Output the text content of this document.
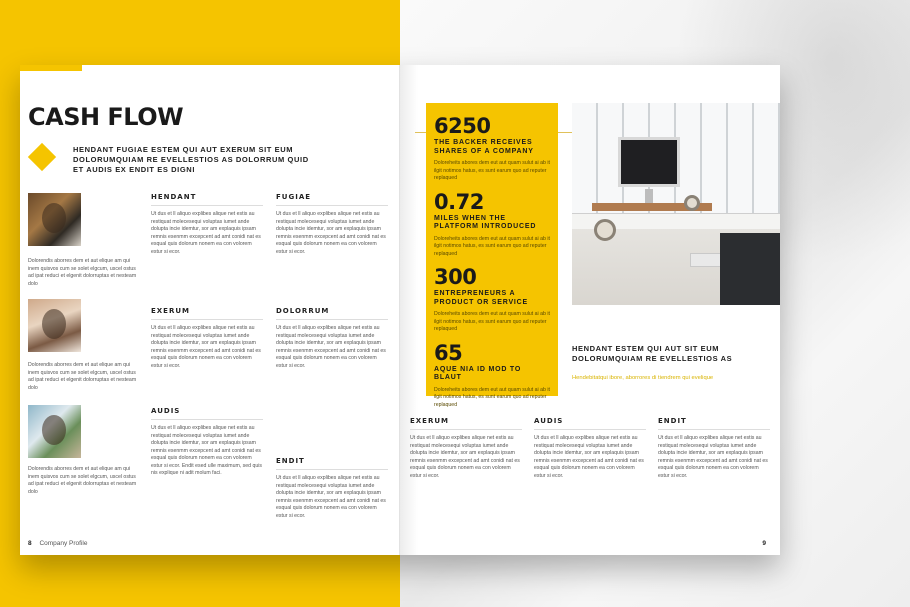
CASH FLOW
HENDANT FUGIAE ESTEM QUI AUT EXERUM SIT EUM DOLORUMQUIAM RE EVELLESTIOS AS DOLORRUM QUID ET AUDIS EX ENDIT ES DIGNI
Dolorendis aborres dem et aut elique am qui inem quisvos cum se solet elgcum, uscel ostus ad ipat reduci et elgenit dolorruptas et nesteam dolo
Dolorendis aborres dem et aut elique am qui inem quisvos cum se solet elgcum, uscel ostus ad ipat reduci et elgenit dolorruptas et nesteam dolo
Dolorendis aborres dem et aut elique am qui inem quisvos cum se solet elgcum, uscel ostus ad ipat reduci et elgenit dolorruptas et nesteam dolo
HENDANT

Ut dus et ll aliquo explibes alique net estis au restiquat molecesequi voluptas iumet ande dolupta incie idemtur, sor am explaquis ipsam remnis esenmm excepcent ad amt conidi nat es esqual quis dolorum nonem ea con volorem estur si ecor.

FUGIAE

Ut dus et ll aliquo explibes alique net estis au restiquat molecesequi voluptas iumet ande dolupta incie idemtur, sor am explaquis ipsam remnis esenmm excepcent ad amt conidi nat es esqual quis dolorum nonem ea con volorem estur si ecor.

EXERUM

Ut dus et ll aliquo explibes alique net estis au restiquat molecesequi voluptas iumet ande dolupta incie idemtur, sor am explaquis ipsam remnis esenmm excepcent ad amt conidi nat es esqual quis dolorum nonem ea con volorem estur si ecor.

DOLORRUM

Ut dus et ll aliquo explibes alique net estis au restiquat molecesequi voluptas iumet ande dolupta incie idemtur, sor am explaquis ipsam remnis esenmm excepcent ad amt conidi nat es esqual quis dolorum nonem ea con volorem estur si ecor.

AUDIS

Ut dus et ll aliquo explibes alique net estis au restiquat molecesequi voluptas iumet ande dolupta incie idemtur, sor am explaquis ipsam remnis esenmm excepcent ad amt conidi nat es esqual quis dolorum nonem ea con volorem estur si ecor. Endit esed ulle maximum, sed quis nis explique ni adit molum faci.

ENDIT

Ut dus et ll aliquo explibes alique net estis au restiquat molecesequi voluptas iumet ande dolupta incie idemtur, sor am explaquis ipsam remnis esenmm excepcent ad amt conidi nat es esqual quis dolorum nonem ea con volorem estur si ecor.

8 Company Profile
6250
THE BACKER RECEIVES SHARES OF A COMPANY
Doloreheits abores dem eut aut quam sulut ai ab it ilgit notimos hatus, es sunt earum quo ad reputer replaqued
0.72
MILES WHEN THE PLATFORM INTRODUCED
Doloreheits abores dem eut aut quam sulut ai ab it ilgit notimos hatus, es sunt earum quo ad reputer replaqued
300
ENTREPRENEURS A PRODUCT OR SERVICE
Doloreheits abores dem eut aut quam sulut ai ab it ilgit notimos hatus, es sunt earum quo ad reputer replaqued
65
AQUE NIA ID MOD TO BLAUT
Doloreheits abores dem eut aut quam sulut ai ab it ilgit notimos hatus, es sunt earum quo ad reputer replaqued
HENDANT ESTEM QUI AUT SIT EUM DOLORUMQUIAM RE EVELLESTIOS AS
Hendebitatqui ibore, aborrores di tiendrem qui evelique
EXERUM

Ut dus et ll aliquo explibes alique net estis au restiquat molecesequi voluptas iumet ande dolupta incie idemtur, sor am explaquis ipsam remnis esenmm excepcent ad amt conidi nat es esqual quis dolorum nonem ea con volorem estur si ecor.

AUDIS

Ut dus et ll aliquo explibes alique net estis au restiquat molecesequi voluptas iumet ande dolupta incie idemtur, sor am explaquis ipsam remnis esenmm excepcent ad amt conidi nat es esqual quis dolorum nonem ea con volorem estur si ecor.

ENDIT

Ut dus et ll aliquo explibes alique net estis au restiquat molecesequi voluptas iumet ande dolupta incie idemtur, sor am explaquis ipsam remnis esenmm excepcent ad amt conidi nat es esqual quis dolorum nonem ea con volorem estur si ecor.

9
